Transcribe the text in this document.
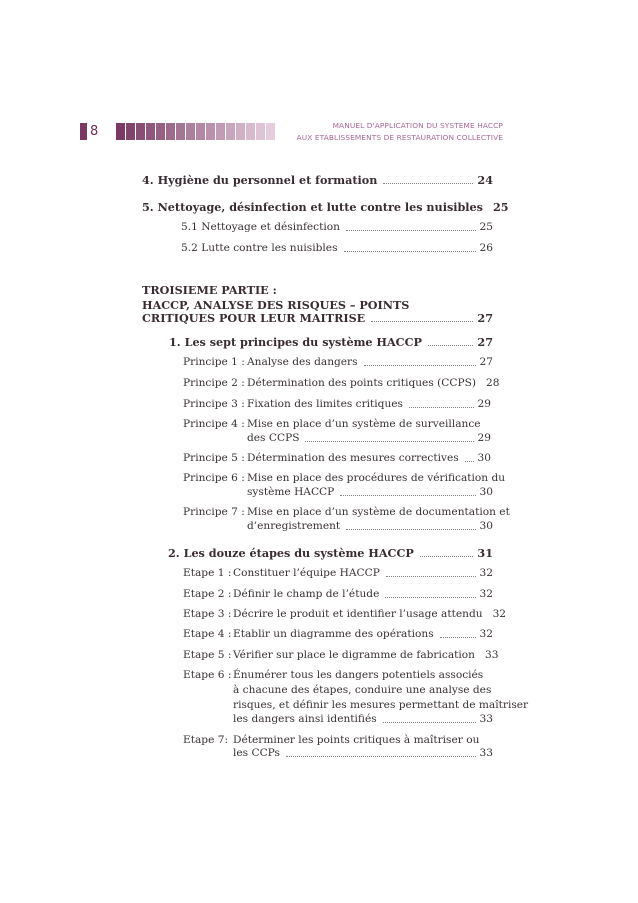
8	MANUEL D'APPLICATION DU SYSTEME HACCP
AUX ETABLISSEMENTS DE RESTAURATION COLLECTIVE
4. Hygiène du personnel et formation	24
5. Nettoyage, désinfection et lutte contre les nuisibles 25
5.1 Nettoyage et désinfection	25
5.2 Lutte contre les nuisibles	26
TROISIEME PARTIE :
HACCP, ANALYSE DES RISQUES – POINTS
CRITIQUES POUR LEUR MAITRISE	27
1. Les sept principes du système HACCP	27
Principe 1 : Analyse des dangers	27
Principe 2 : Détermination des points critiques (CCPS) 28
Principe 3 : Fixation des limites critiques	29
Principe 4 : Mise en place d’un système de surveillance
des CCPS	29
Principe 5 : Détermination des mesures correctives 30
Principe 6 : Mise en place des procédures de vérification du
système HACCP	30
Principe 7 : Mise en place d’un système de documentation et
d’enregistrement	30
2. Les douze étapes du système HACCP	31
Etape 1 : Constituer l’équipe HACCP	32
Etape 2 : Définir le champ de l’étude	32
Etape 3 : Décrire le produit et identifier l’usage attendu 32
Etape 4 : Etablir un diagramme des opérations	32
Etape 5 : Vérifier sur place le digramme de fabrication 33
Etape 6 : Énumérer tous les dangers potentiels associés
à chacune des étapes, conduire une analyse des
risques, et définir les mesures permettant de maîtriser
les dangers ainsi identifiés	33
Etape 7: Déterminer les points critiques à maîtriser ou
les CCPs	33
